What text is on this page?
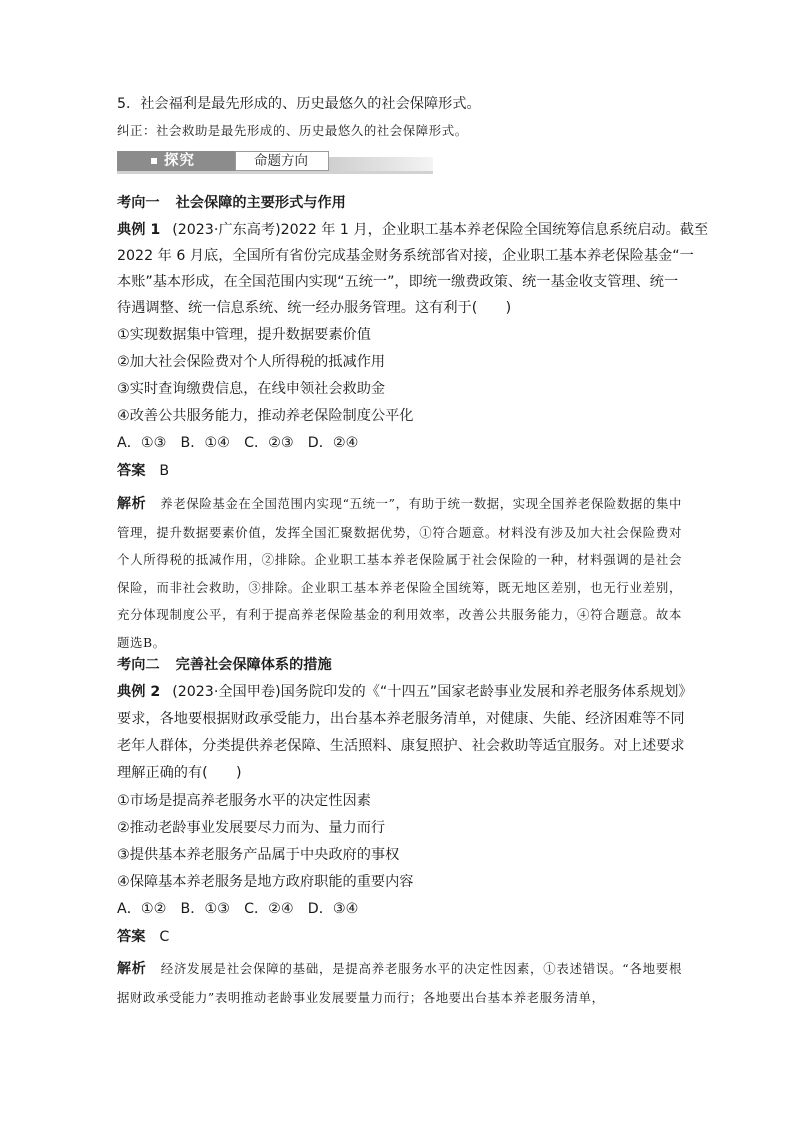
5．社会福利是最先形成的、历史最悠久的社会保障形式。
纠正：社会救助是最先形成的、历史最悠久的社会保障形式。
探究	命题方向
考向一 社会保障的主要形式与作用
典例 1 (2023·广东高考)2022 年 1 月，企业职工基本养老保险全国统筹信息系统启动。截至
2022 年 6 月底，全国所有省份完成基金财务系统部省对接，企业职工基本养老保险基金“一
本账”基本形成，在全国范围内实现“五统一”，即统一缴费政策、统一基金收支管理、统一
待遇调整、统一信息系统、统一经办服务管理。这有利于(　　)
①实现数据集中管理，提升数据要素价值
②加大社会保险费对个人所得税的抵减作用
③实时查询缴费信息，在线申领社会救助金
④改善公共服务能力，推动养老保险制度公平化
A．①③　B．①④　C．②③　D．②④
答案 B
解析 养老保险基金在全国范围内实现“五统一”，有助于统一数据，实现全国养老保险数据的集中管理，提升数据要素价值，发挥全国汇聚数据优势，①符合题意。材料没有涉及加大社会保险费对个人所得税的抵减作用，②排除。企业职工基本养老保险属于社会保险的一种，材料强调的是社会保险，而非社会救助，③排除。企业职工基本养老保险全国统筹，既无地区差别，也无行业差别，充分体现制度公平，有利于提高养老保险基金的利用效率，改善公共服务能力，④符合题意。故本题选B。
考向二 完善社会保障体系的措施
典例 2 (2023·全国甲卷)国务院印发的《“十四五”国家老龄事业发展和养老服务体系规划》
要求，各地要根据财政承受能力，出台基本养老服务清单，对健康、失能、经济困难等不同
老年人群体，分类提供养老保障、生活照料、康复照护、社会救助等适宜服务。对上述要求
理解正确的有(　　)
①市场是提高养老服务水平的决定性因素
②推动老龄事业发展要尽力而为、量力而行
③提供基本养老服务产品属于中央政府的事权
④保障基本养老服务是地方政府职能的重要内容
A．①②　B．①③　C．②④　D．③④
答案 C
解析 经济发展是社会保障的基础，是提高养老服务水平的决定性因素，①表述错误。“各地要根据财政承受能力”表明推动老龄事业发展要量力而行；各地要出台基本养老服务清单，
